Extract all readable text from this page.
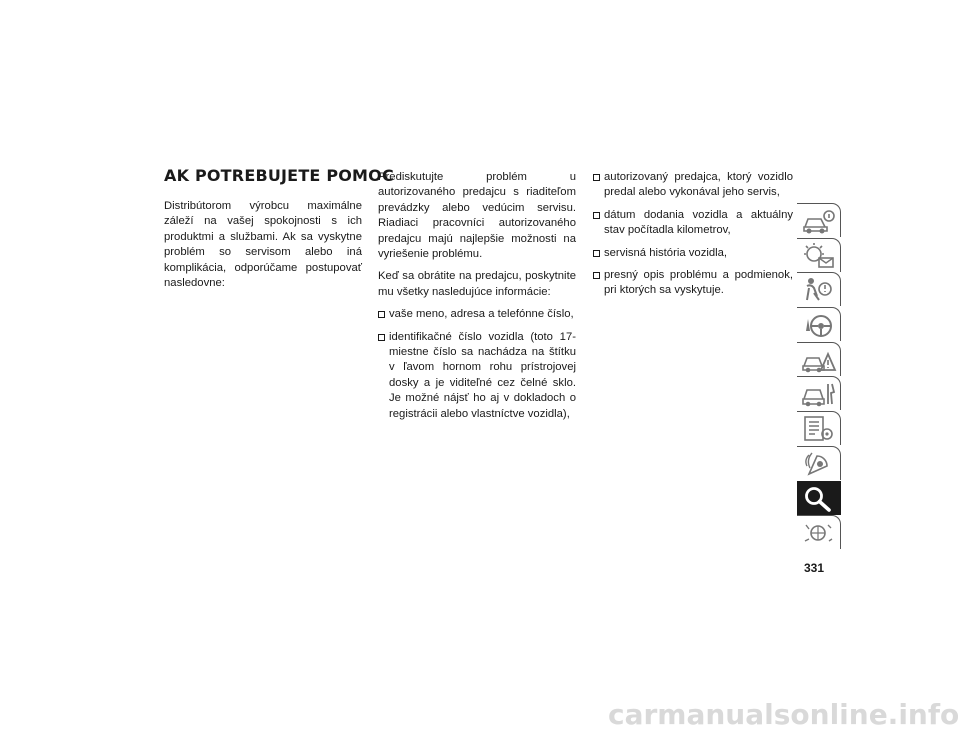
AK POTREBUJETE POMOC

Distribútorom výrobcu maximálne záleží na vašej spokojnosti s ich produktmi a službami. Ak sa vyskytne problém so servisom alebo iná komplikácia, odporúčame postupovať nasledovne:

Prediskutujte problém u autorizovaného predajcu s riaditeľom prevádzky alebo vedúcim servisu. Riadiaci pracovníci autorizovaného predajcu majú najlepšie možnosti na vyriešenie problému.

Keď sa obrátite na predajcu, poskytnite mu všetky nasledujúce informácie:

vaše meno, adresa a telefónne číslo,
identifikačné číslo vozidla (toto 17-miestne číslo sa nachádza na štítku v ľavom hornom rohu prístrojovej dosky a je viditeľné cez čelné sklo. Je možné nájsť ho aj v dokladoch o registrácii alebo vlastníctve vozidla),
autorizovaný predajca, ktorý vozidlo predal alebo vykonával jeho servis,
dátum dodania vozidla a aktuálny stav počítadla kilometrov,
servisná história vozidla,
presný opis problému a podmienok, pri ktorých sa vyskytuje.
331
carmanualsonline.info
